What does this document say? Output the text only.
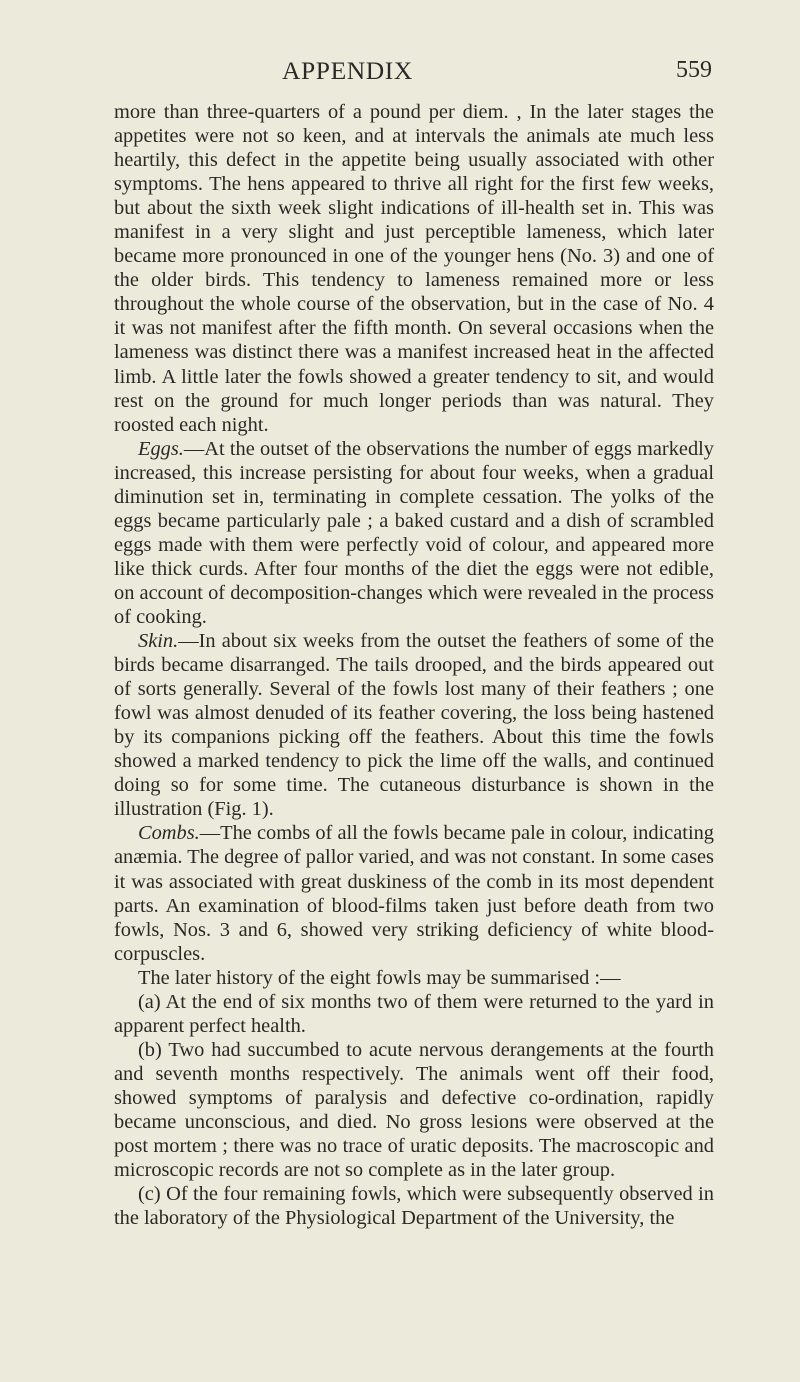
APPENDIX	559

more than three-quarters of a pound per diem. , In the later stages the appetites were not so keen, and at intervals the animals ate much less heartily, this defect in the appetite being usually associated with other symptoms. The hens appeared to thrive all right for the first few weeks, but about the sixth week slight indications of ill-health set in. This was manifest in a very slight and just perceptible lameness, which later became more pronounced in one of the younger hens (No. 3) and one of the older birds. This tendency to lameness remained more or less throughout the whole course of the observation, but in the case of No. 4 it was not manifest after the fifth month. On several occasions when the lameness was distinct there was a manifest increased heat in the affected limb. A little later the fowls showed a greater tendency to sit, and would rest on the ground for much longer periods than was natural. They roosted each night.

Eggs.—At the outset of the observations the number of eggs markedly increased, this increase persisting for about four weeks, when a gradual diminution set in, terminating in complete cessation. The yolks of the eggs became particularly pale ; a baked custard and a dish of scrambled eggs made with them were perfectly void of colour, and appeared more like thick curds. After four months of the diet the eggs were not edible, on account of decomposition-changes which were revealed in the process of cooking.

Skin.—In about six weeks from the outset the feathers of some of the birds became disarranged. The tails drooped, and the birds appeared out of sorts generally. Several of the fowls lost many of their feathers ; one fowl was almost denuded of its feather covering, the loss being hastened by its companions picking off the feathers. About this time the fowls showed a marked tendency to pick the lime off the walls, and continued doing so for some time. The cutaneous disturbance is shown in the illustration (Fig. 1).

Combs.—The combs of all the fowls became pale in colour, indicating anæmia. The degree of pallor varied, and was not constant. In some cases it was associated with great duskiness of the comb in its most dependent parts. An examination of blood-films taken just before death from two fowls, Nos. 3 and 6, showed very striking deficiency of white blood-corpuscles.

The later history of the eight fowls may be summarised :—

(a) At the end of six months two of them were returned to the yard in apparent perfect health.

(b) Two had succumbed to acute nervous derangements at the fourth and seventh months respectively. The animals went off their food, showed symptoms of paralysis and defective co-ordination, rapidly became unconscious, and died. No gross lesions were observed at the post mortem ; there was no trace of uratic deposits. The macroscopic and microscopic records are not so complete as in the later group.

(c) Of the four remaining fowls, which were subsequently observed in the laboratory of the Physiological Department of the University, the
